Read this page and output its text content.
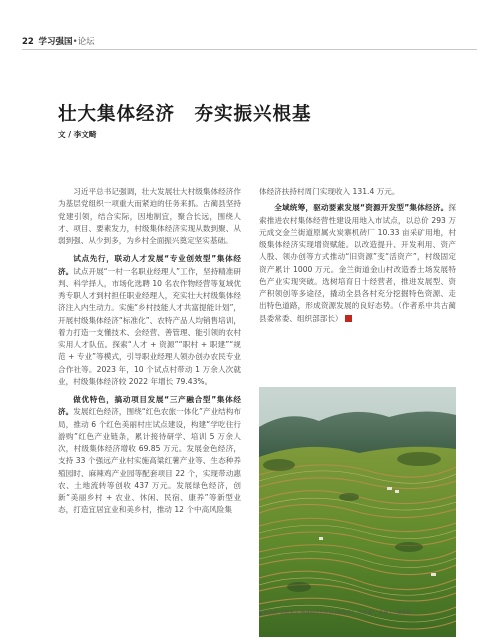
22 学习强国•论坛
壮大集体经济　夯实振兴根基
文 / 李文畸

习近平总书记强调，壮大发展壮大村级集体经济作为基层党组织一项重大而紧迫的任务来抓。古蔺县坚持党建引领，结合实际，因地制宜，聚合长远，围绕人才、项目、要素发力，村级集体经济实现从数到聚、从弱到强、从少到多，为乡村全面振兴奠定坚实基础。

试点先行，联动人才发展“专业创效型”集体经济。试点开展“一村一名职业经理人”工作，坚持精准研判、科学择人，市场化选聘 10 名农作物经营等复域优秀专职人才到村担任职业经理人，充实壮大村级集体经济注入内生动力。实施“乡村技能人才共富提能计划”，开展村级集体经济“标准化”、农特产品人均销售培训，着力打造一支懂技术、会经营、善管理、能引领的农村实用人才队伍。探索“人才 + 资源”“职村 + 职建”“规范 + 专业”等模式，引导职业经理人领办创办农民专业合作社等。2023 年，10 个试点村带动 1 万余人次就业，村级集体经济较 2022 年增长 79.43%。

做优特色，搞动项目发展“三产融合型”集体经济。发展红色经济，围绕“红色农旅一体化”产业结构布局，推动 6 个红色美丽村庄试点建设，构建“学吃住行游购”红色产业链条，累计接待研学、培训 5 万余人次，村级集体经济增收 69.85 万元。发展金色经济，支持 33 个强远产业村实施高粱红薯产业等、生态种养殖园时、麻辣鸡产业园等配套项目 22 个，实现带动惠农、土地流转等创收 437 万元。发展绿色经济，创新“美丽乡村 + 农业、休闲、民宿、康养”等新型业态，打造宜居宜业和美乡村，推动 12 个中高风险集

体经济扶持村周门实现收入 131.4 万元。

全域统筹，驱动要素发展“资源开发型”集体经济。探索推进农村集体经营性建设用地入市试点，以总价 293 万元成交金兰街道原属火炭寨机砖厂 10.33 亩采矿用地，村级集体经济实现增资赋能。以改造提升、开发利用、资产人股、领办创等方式推动“旧资源”变“活资产”，村级固定资产累计 1000 万元。金兰街道金山村改造香土场发展特色产业实现突破。选树培育日十经营者，推进发展型、资产积领创等多途径，撬动全县各村充分挖掘特色资源、走出特色道路，形成资源发展的良好态势。（作者系中共古蔺县委常委、组织部部长）

▲ 航拍的“现新风生”集体经济示范田市场实开“一田多收”，新增 | 古蔺县图
